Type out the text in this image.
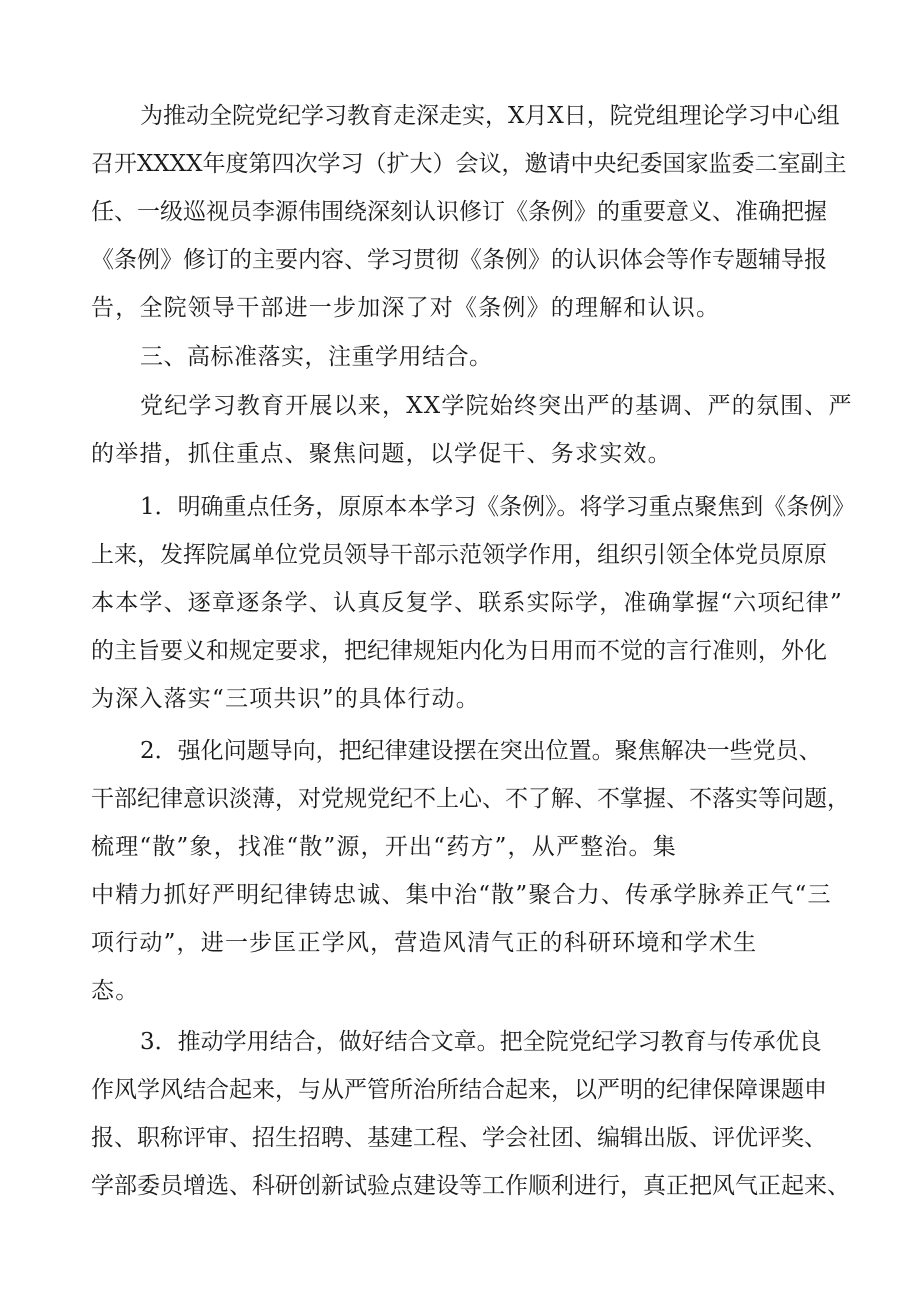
为推动全院党纪学习教育走深走实，X月X日，院党组理论学习中心组
召开XXXX年度第四次学习（扩大）会议，邀请中央纪委国家监委二室副主
任、一级巡视员李源伟围绕深刻认识修订《条例》的重要意义、准确把握
《条例》修订的主要内容、学习贯彻《条例》的认识体会等作专题辅导报
告，全院领导干部进一步加深了对《条例》的理解和认识。
三、高标准落实，注重学用结合。
党纪学习教育开展以来，XX学院始终突出严的基调、严的氛围、严
的举措，抓住重点、聚焦问题，以学促干、务求实效。
1．明确重点任务，原原本本学习《条例》。将学习重点聚焦到《条例》
上来，发挥院属单位党员领导干部示范领学作用，组织引领全体党员原原
本本学、逐章逐条学、认真反复学、联系实际学，准确掌握“六项纪律”
的主旨要义和规定要求，把纪律规矩内化为日用而不觉的言行准则，外化
为深入落实“三项共识”的具体行动。
2．强化问题导向，把纪律建设摆在突出位置。聚焦解决一些党员、
干部纪律意识淡薄，对党规党纪不上心、不了解、不掌握、不落实等问题，
梳理“散”象，找准“散”源，开出“药方”，从严整治。集
中精力抓好严明纪律铸忠诚、集中治“散”聚合力、传承学脉养正气“三
项行动”，进一步匡正学风，营造风清气正的科研环境和学术生
态。
3．推动学用结合，做好结合文章。把全院党纪学习教育与传承优良
作风学风结合起来，与从严管所治所结合起来，以严明的纪律保障课题申
报、职称评审、招生招聘、基建工程、学会社团、编辑出版、评优评奖、
学部委员增选、科研创新试验点建设等工作顺利进行，真正把风气正起来、
